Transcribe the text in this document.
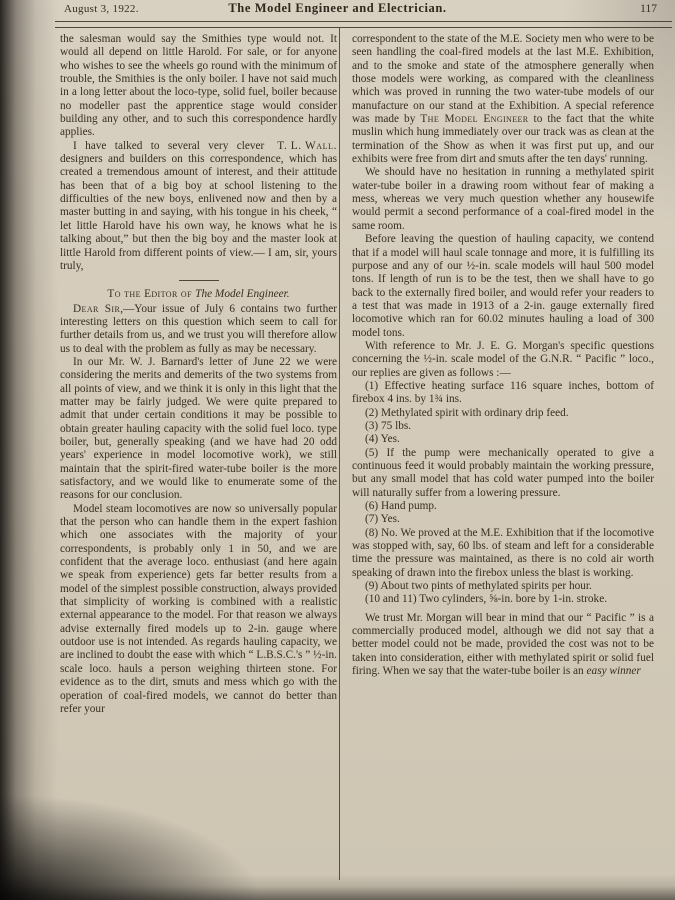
August 3, 1922.	The Model Engineer and Electrician.	117

the salesman would say the Smithies type would not. It would all depend on little Harold. For sale, or for anyone who wishes to see the wheels go round with the minimum of trouble, the Smithies is the only boiler. I have not said much in a long letter about the loco-type, solid fuel, boiler because no modeller past the apprentice stage would consider building any other, and to such this correspondence hardly applies.

T. L. Wall.
I have talked to several very clever designers and builders on this correspondence, which has created a tremendous amount of interest, and their attitude has been that of a big boy at school listening to the difficulties of the new boys, enlivened now and then by a master butting in and saying, with his tongue in his cheek, “ let little Harold have his own way, he knows what he is talking about,” but then the big boy and the master look at little Harold from different points of view.— I am, sir, yours truly,

To the Editor of The Model Engineer.

Dear Sir,—Your issue of July 6 contains two further interesting letters on this question which seem to call for further details from us, and we trust you will therefore allow us to deal with the problem as fully as may be necessary.

In our Mr. W. J. Barnard's letter of June 22 we were considering the merits and demerits of the two systems from all points of view, and we think it is only in this light that the matter may be fairly judged. We were quite prepared to admit that under certain conditions it may be possible to obtain greater hauling capacity with the solid fuel loco. type boiler, but, generally speaking (and we have had 20 odd years' experience in model locomotive work), we still maintain that the spirit-fired water-tube boiler is the more satisfactory, and we would like to enumerate some of the reasons for our conclusion.

Model steam locomotives are now so universally popular that the person who can handle them in the expert fashion which one associates with the majority of your correspondents, is probably only 1 in 50, and we are confident that the average loco. enthusiast (and here again we speak from experience) gets far better results from a model of the simplest possible construction, always provided that simplicity of working is combined with a realistic external appearance to the model. For that reason we always advise externally fired models up to 2-in. gauge where outdoor use is not intended. As regards hauling capacity, we are inclined to doubt the ease with which “ L.B.S.C.'s ” ½-in. scale loco. hauls a person weighing thirteen stone. For evidence as to the dirt, smuts and mess which go with the operation of coal-fired models, we cannot do better than refer your

correspondent to the state of the M.E. Society men who were to be seen handling the coal-fired models at the last M.E. Exhibition, and to the smoke and state of the atmosphere generally when those models were working, as compared with the cleanliness which was proved in running the two water-tube models of our manufacture on our stand at the Exhibition. A special reference was made by The Model Engineer to the fact that the white muslin which hung immediately over our track was as clean at the termination of the Show as when it was first put up, and our exhibits were free from dirt and smuts after the ten days' running.

We should have no hesitation in running a methylated spirit water-tube boiler in a drawing room without fear of making a mess, whereas we very much question whether any housewife would permit a second performance of a coal-fired model in the same room.

Before leaving the question of hauling capacity, we contend that if a model will haul scale tonnage and more, it is fulfilling its purpose and any of our ½-in. scale models will haul 500 model tons. If length of run is to be the test, then we shall have to go back to the externally fired boiler, and would refer your readers to a test that was made in 1913 of a 2-in. gauge externally fired locomotive which ran for 60.02 minutes hauling a load of 300 model tons.

With reference to Mr. J. E. G. Morgan's specific questions concerning the ½-in. scale model of the G.N.R. “ Pacific ” loco., our replies are given as follows :—

(1) Effective heating surface 116 square inches, bottom of firebox 4 ins. by 1¾ ins.

(2) Methylated spirit with ordinary drip feed.

(3) 75 lbs.

(4) Yes.

(5) If the pump were mechanically operated to give a continuous feed it would probably maintain the working pressure, but any small model that has cold water pumped into the boiler will naturally suffer from a lowering pressure.

(6) Hand pump.

(7) Yes.

(8) No. We proved at the M.E. Exhibition that if the locomotive was stopped with, say, 60 lbs. of steam and left for a considerable time the pressure was maintained, as there is no cold air worth speaking of drawn into the firebox unless the blast is working.

(9) About two pints of methylated spirits per hour.

(10 and 11) Two cylinders, ⅝-in. bore by 1-in. stroke.

We trust Mr. Morgan will bear in mind that our “ Pacific ” is a commercially produced model, although we did not say that a better model could not be made, provided the cost was not to be taken into consideration, either with methylated spirit or solid fuel firing. When we say that the water-tube boiler is an easy winner
